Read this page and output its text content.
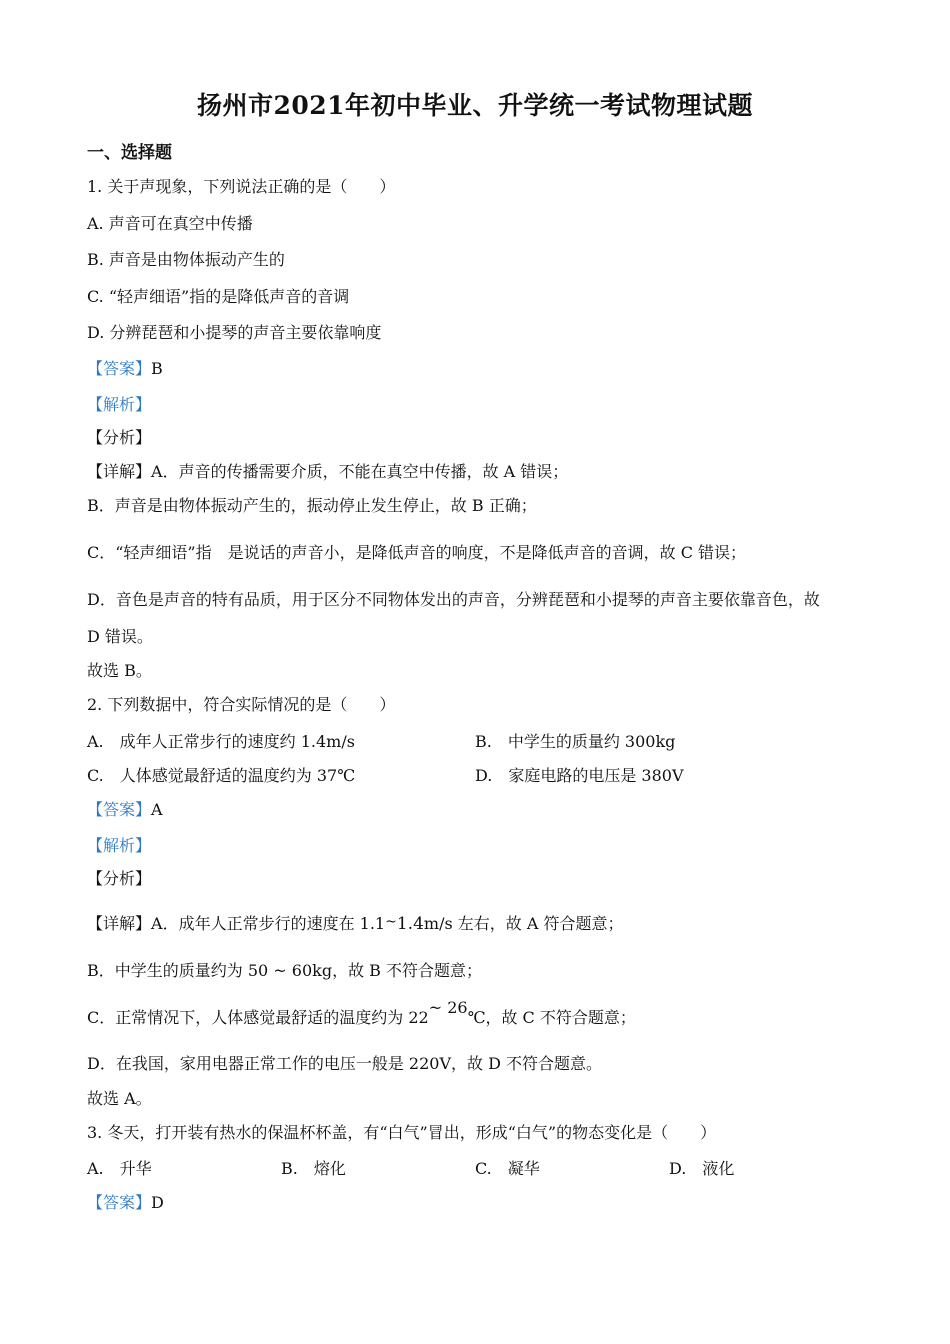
扬州市2021年初中毕业、升学统一考试物理试题
一、选择题
1. 关于声现象，下列说法正确的是（　　）
A. 声音可在真空中传播
B. 声音是由物体振动产生的
C. “轻声细语”指的是降低声音的音调
D. 分辨琵琶和小提琴的声音主要依靠响度
【答案】B
【解析】
【分析】
【详解】A．声音的传播需要介质，不能在真空中传播，故 A 错误；
B．声音是由物体振动产生的，振动停止发生停止，故 B 正确；
C．“轻声细语”指　是说话的声音小，是降低声音的响度，不是降低声音的音调，故 C 错误；
D．音色是声音的特有品质，用于区分不同物体发出的声音，分辨琵琶和小提琴的声音主要依靠音色，故
D 错误。
故选 B。
2. 下列数据中，符合实际情况的是（　　）
A.　成年人正常步行的速度约 1.4m/s	B.　中学生的质量约 300kg
C.　人体感觉最舒适的温度约为 37℃	D.　家庭电路的电压是 380V
【答案】A
【解析】
【分析】
【详解】A．成年人正常步行的速度在 1.1~1.4m/s 左右，故 A 符合题意；
B．中学生的质量约为 50 ~ 60kg，故 B 不符合题意；
C．正常情况下，人体感觉最舒适的温度约为 22~ 26℃，故 C 不符合题意；
D．在我国，家用电器正常工作的电压一般是 220V，故 D 不符合题意。
故选 A。
3. 冬天，打开装有热水的保温杯杯盖，有“白气”冒出，形成“白气”的物态变化是（　　）
A.　升华	B.　熔化	C.　凝华	D.　液化
【答案】D
